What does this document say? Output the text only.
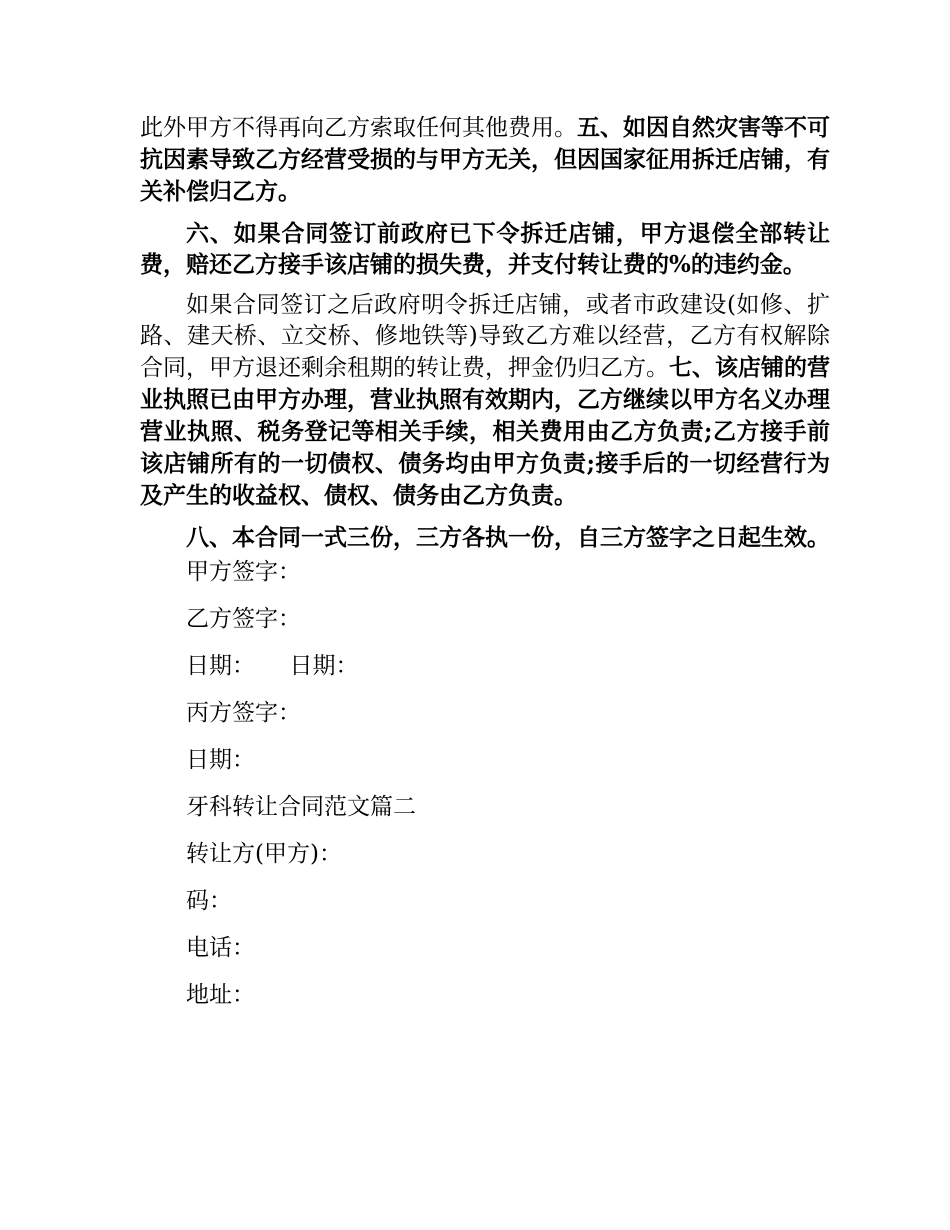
此外甲方不得再向乙方索取任何其他费用。五、如因自然灾害等不可抗因素导致乙方经营受损的与甲方无关，但因国家征用拆迁店铺，有关补偿归乙方。

六、如果合同签订前政府已下令拆迁店铺，甲方退偿全部转让费，赔还乙方接手该店铺的损失费，并支付转让费的%的违约金。

如果合同签订之后政府明令拆迁店铺，或者市政建设(如修、扩路、建天桥、立交桥、修地铁等)导致乙方难以经营，乙方有权解除合同，甲方退还剩余租期的转让费，押金仍归乙方。七、该店铺的营业执照已由甲方办理，营业执照有效期内，乙方继续以甲方名义办理营业执照、税务登记等相关手续，相关费用由乙方负责;乙方接手前该店铺所有的一切债权、债务均由甲方负责;接手后的一切经营行为及产生的收益权、债权、债务由乙方负责。

八、本合同一式三份，三方各执一份，自三方签字之日起生效。

甲方签字：

乙方签字：

日期：　　日期：

丙方签字：

日期：

牙科转让合同范文篇二

转让方(甲方)：

码：

电话：

地址：
